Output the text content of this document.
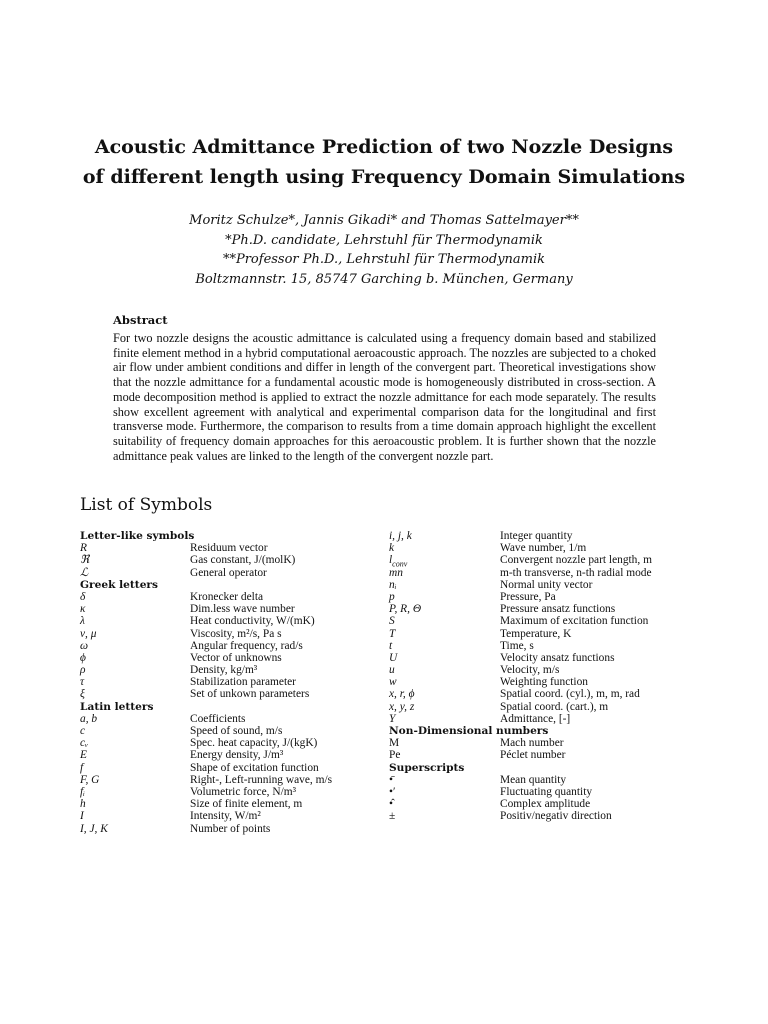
Acoustic Admittance Prediction of two Nozzle Designs
of different length using Frequency Domain Simulations
Moritz Schulze*, Jannis Gikadi* and Thomas Sattelmayer**
*Ph.D. candidate, Lehrstuhl für Thermodynamik
**Professor Ph.D., Lehrstuhl für Thermodynamik
Boltzmannstr. 15, 85747 Garching b. München, Germany
Abstract

For two nozzle designs the acoustic admittance is calculated using a frequency domain based and stabilized finite element method in a hybrid computational aeroacoustic approach. The nozzles are subjected to a choked air flow under ambient conditions and differ in length of the convergent part. Theoretical investigations show that the nozzle admittance for a fundamental acoustic mode is homogeneously distributed in cross-section. A mode decomposition method is applied to extract the nozzle admittance for each mode separately. The results show excellent agreement with analytical and experimental comparison data for the longitudinal and first transverse mode. Furthermore, the comparison to results from a time domain approach highlight the excellent suitability of frequency domain approaches for this aeroacoustic problem. It is further shown that the nozzle admittance peak values are linked to the length of the convergent nozzle part.

List of Symbols
Letter-like symbols
R	Residuum vector
ℜ	Gas constant, J/(molK)
ℒ	General operator
Greek letters
δ	Kronecker delta
κ	Dim.less wave number
λ	Heat conductivity, W/(mK)
ν, μ	Viscosity, m²/s, Pa s
ω	Angular frequency, rad/s
ϕ	Vector of unknowns
ρ	Density, kg/m³
τ	Stabilization parameter
ξ	Set of unkown parameters
Latin letters
a, b	Coefficients
c	Speed of sound, m/s
cᵥ	Spec. heat capacity, J/(kgK)
E	Energy density, J/m³
f	Shape of excitation function
F, G	Right-, Left-running wave, m/s
fᵢ	Volumetric force, N/m³
h	Size of finite element, m
I	Intensity, W/m²
I, J, K	Number of points
i, j, k	Integer quantity
k	Wave number, 1/m
$l_{conv}$	Convergent nozzle part length, m
mn	m-th transverse, n-th radial mode
nᵢ	Normal unity vector
p	Pressure, Pa
P, R, Θ	Pressure ansatz functions
S	Maximum of excitation function
T	Temperature, K
t	Time, s
U	Velocity ansatz functions
u	Velocity, m/s
w	Weighting function
x, r, ϕ	Spatial coord. (cyl.), m, m, rad
x, y, z	Spatial coord. (cart.), m
Y	Admittance, [-]
Non-Dimensional numbers
M	Mach number
Pe	Péclet number
Superscripts
•̄	Mean quantity
•′	Fluctuating quantity
•̂	Complex amplitude
±	Positiv/negativ direction
